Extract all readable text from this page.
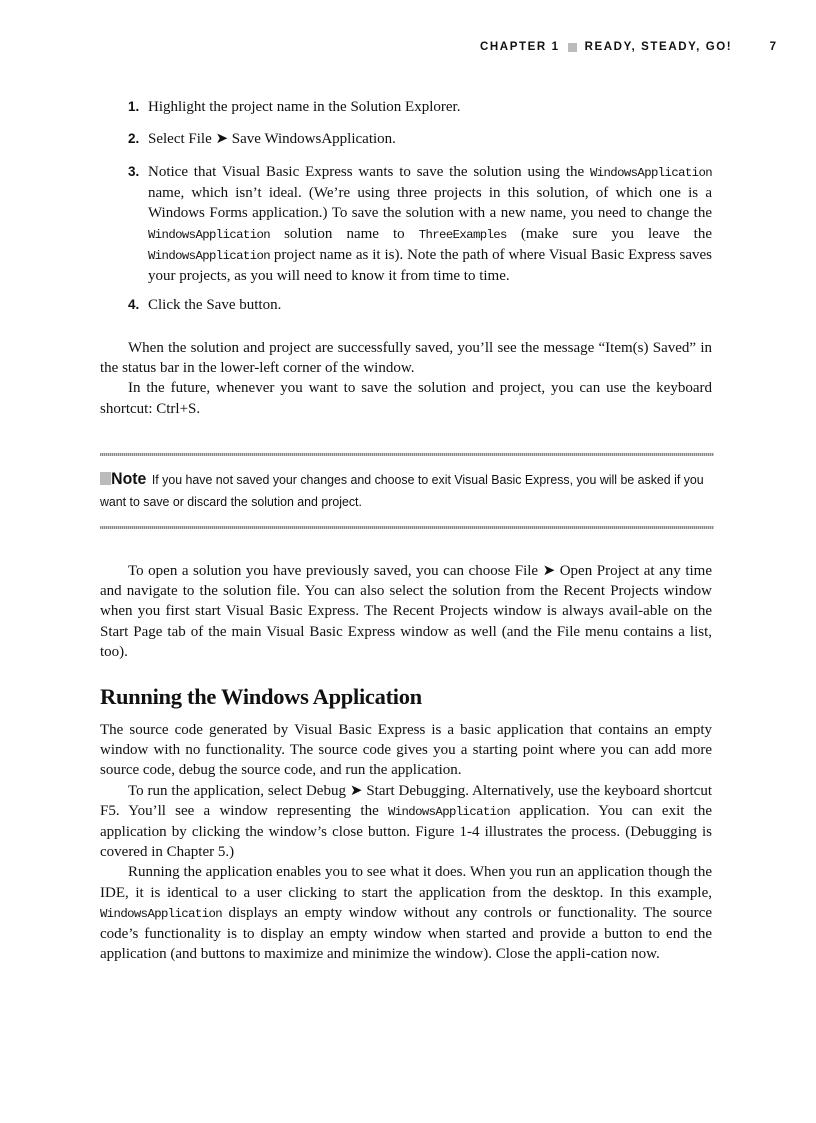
CHAPTER 1 READY, STEADY, GO!	7
1. Highlight the project name in the Solution Explorer.
2. Select File ➤ Save WindowsApplication.
3. Notice that Visual Basic Express wants to save the solution using the WindowsApplication name, which isn’t ideal. (We’re using three projects in this solution, of which one is a Windows Forms application.) To save the solution with a new name, you need to change the WindowsApplication solution name to ThreeExamples (make sure you leave the WindowsApplication project name as it is). Note the path of where Visual Basic Express saves your projects, as you will need to know it from time to time.
4. Click the Save button.

When the solution and project are successfully saved, you’ll see the message “Item(s) Saved” in the status bar in the lower-left corner of the window.

In the future, whenever you want to save the solution and project, you can use the keyboard shortcut: Ctrl+S.

Note If you have not saved your changes and choose to exit Visual Basic Express, you will be asked if you want to save or discard the solution and project.

To open a solution you have previously saved, you can choose File ➤ Open Project at any time and navigate to the solution file. You can also select the solution from the Recent Projects window when you first start Visual Basic Express. The Recent Projects window is always avail-able on the Start Page tab of the main Visual Basic Express window as well (and the File menu contains a list, too).

Running the Windows Application

The source code generated by Visual Basic Express is a basic application that contains an empty window with no functionality. The source code gives you a starting point where you can add more source code, debug the source code, and run the application.

To run the application, select Debug ➤ Start Debugging. Alternatively, use the keyboard shortcut F5. You’ll see a window representing the WindowsApplication application. You can exit the application by clicking the window’s close button. Figure 1-4 illustrates the process. (Debugging is covered in Chapter 5.)

Running the application enables you to see what it does. When you run an application though the IDE, it is identical to a user clicking to start the application from the desktop. In this example, WindowsApplication displays an empty window without any controls or functionality. The source code’s functionality is to display an empty window when started and provide a button to end the application (and buttons to maximize and minimize the window). Close the appli-cation now.
